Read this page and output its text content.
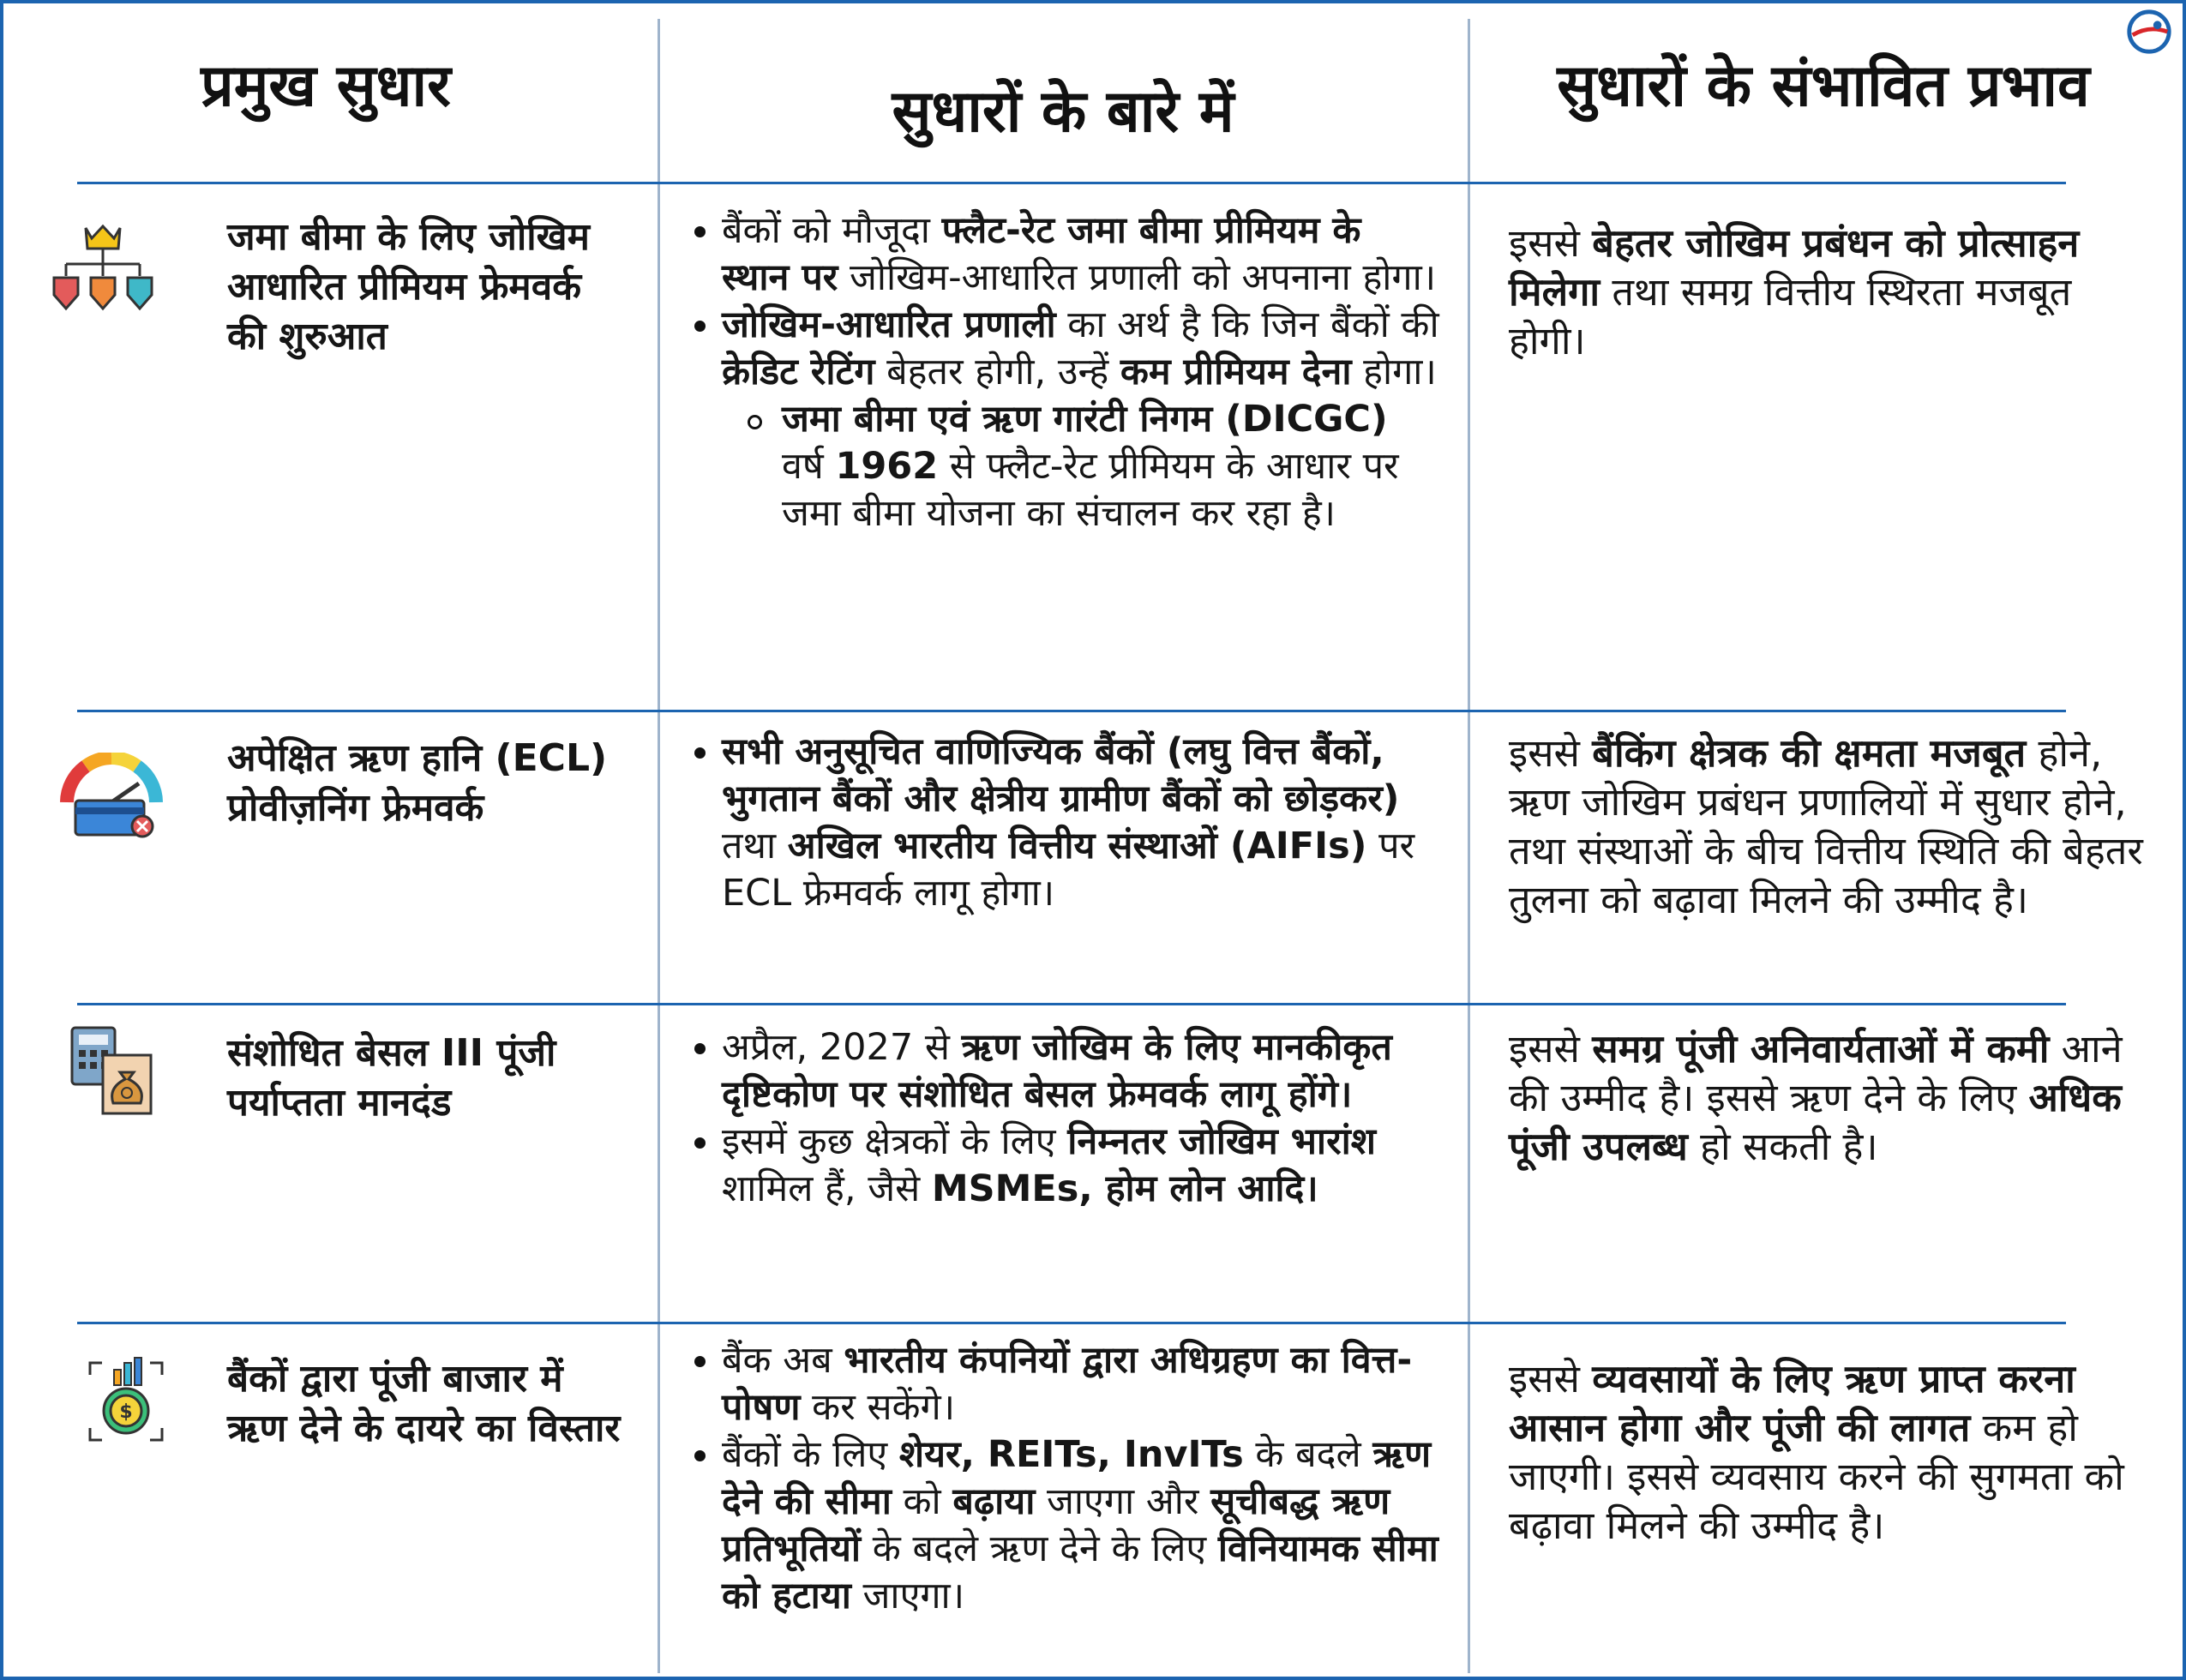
प्रमुख सुधार	सुधारों के बारे में	सुधारों के संभावित प्रभाव
जमा बीमा के लिए जोखिम आधारित प्रीमियम फ्रेमवर्क की शुरुआत
बैंकों को मौजूदा फ्लैट-रेट जमा बीमा प्रीमियम के स्थान पर जोखिम-आधारित प्रणाली को अपनाना होगा।
जोखिम-आधारित प्रणाली का अर्थ है कि जिन बैंकों की क्रेडिट रेटिंग बेहतर होगी, उन्हें कम प्रीमियम देना होगा।
जमा बीमा एवं ऋण गारंटी निगम (DICGC) वर्ष 1962 से फ्लैट-रेट प्रीमियम के आधार पर जमा बीमा योजना का संचालन कर रहा है।
इससे बेहतर जोखिम प्रबंधन को प्रोत्साहन मिलेगा तथा समग्र वित्तीय स्थिरता मजबूत होगी।
अपेक्षित ऋण हानि (ECL) प्रोवीज़निंग फ्रेमवर्क
सभी अनुसूचित वाणिज्यिक बैंकों (लघु वित्त बैंकों, भुगतान बैंकों और क्षेत्रीय ग्रामीण बैंकों को छोड़कर) तथा अखिल भारतीय वित्तीय संस्थाओं (AIFIs) पर ECL फ्रेमवर्क लागू होगा।
इससे बैंकिंग क्षेत्रक की क्षमता मजबूत होने, ऋण जोखिम प्रबंधन प्रणालियों में सुधार होने, तथा संस्थाओं के बीच वित्तीय स्थिति की बेहतर तुलना को बढ़ावा मिलने की उम्मीद है।
संशोधित बेसल III पूंजी पर्याप्तता मानदंड
अप्रैल, 2027 से ऋण जोखिम के लिए मानकीकृत दृष्टिकोण पर संशोधित बेसल फ्रेमवर्क लागू होंगे।
इसमें कुछ क्षेत्रकों के लिए निम्नतर जोखिम भारांश शामिल हैं, जैसे MSMEs, होम लोन आदि।
इससे समग्र पूंजी अनिवार्यताओं में कमी आने की उम्मीद है। इससे ऋण देने के लिए अधिक पूंजी उपलब्ध हो सकती है।
$
बैंकों द्वारा पूंजी बाजार में ऋण देने के दायरे का विस्तार
बैंक अब भारतीय कंपनियों द्वारा अधिग्रहण का वित्त-पोषण कर सकेंगे।
बैंकों के लिए शेयर, REITs, InvITs के बदले ऋण देने की सीमा को बढ़ाया जाएगा और सूचीबद्ध ऋण प्रतिभूतियों के बदले ऋण देने के लिए विनियामक सीमा को हटाया जाएगा।
इससे व्यवसायों के लिए ऋण प्राप्त करना आसान होगा और पूंजी की लागत कम हो जाएगी। इससे व्यवसाय करने की सुगमता को बढ़ावा मिलने की उम्मीद है।
